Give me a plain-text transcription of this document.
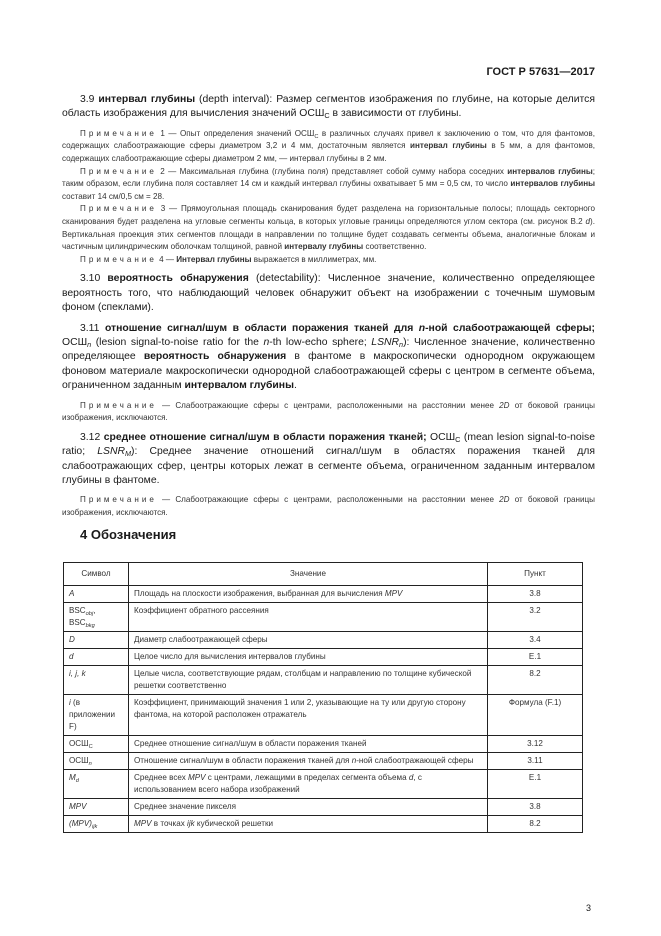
ГОСТ Р 57631—2017

3.9 интервал глубины (depth interval): Размер сегментов изображения по глубине, на которые делится область изображения для вычисления значений $ОСШ_C$ в зависимости от глубины.

Примечание 1 — Опыт определения значений $ОСШ_C$ в различных случаях привел к заключению о том, что для фантомов, содержащих слабоотражающие сферы диаметром 3,2 и 4 мм, достаточным является интервал глубины в 5 мм, а для фантомов, содержащих слабоотражающие сферы диаметром 2 мм, — интервал глубины в 2 мм.

Примечание 2 — Максимальная глубина (глубина поля) представляет собой сумму набора соседних интервалов глубины; таким образом, если глубина поля составляет 14 см и каждый интервал глубины охватывает 5 мм = 0,5 см, то число интервалов глубины составит 14 см/0,5 см = 28.

Примечание 3 — Прямоугольная площадь сканирования будет разделена на горизонтальные полосы; площадь секторного сканирования будет разделена на угловые сегменты кольца, в которых угловые границы определяются углом сектора (см. рисунок В.2 d). Вертикальная проекция этих сегментов площади в направлении по толщине будет создавать сегменты объема, аналогичные блокам и частичным цилиндрическим оболочкам толщиной, равной интервалу глубины соответственно.

Примечание 4 — Интервал глубины выражается в миллиметрах, мм.

3.10 вероятность обнаружения (detectability): Численное значение, количественно определяющее вероятность того, что наблюдающий человек обнаружит объект на изображении с точечным шумовым фоном (спеклами).

3.11 отношение сигнал/шум в области поражения тканей для n-ной слабоотражающей сферы; $ОСШ_n$ (lesion signal-to-noise ratio for the n-th low-echo sphere; $LSNR_n$): Численное значение, количественно определяющее вероятность обнаружения в фантоме в макроскопически однородном окружающем фоновом материале макроскопически однородной слабоотражающей сферы с центром в сегменте объема, ограниченном заданным интервалом глубины.

Примечание — Слабоотражающие сферы с центрами, расположенными на расстоянии менее 2D от боковой границы изображения, исключаются.

3.12 среднее отношение сигнал/шум в области поражения тканей; $ОСШ_C$ (mean lesion signal-to-noise ratio; $LSNR_M$): Среднее значение отношений сигнал/шум в областях поражения тканей для слабоотражающих сфер, центры которых лежат в сегменте объема, ограниченном заданным интервалом глубины в фантоме.

Примечание — Слабоотражающие сферы с центрами, расположенными на расстоянии менее 2D от боковой границы изображения, исключаются.

4 Обозначения
Символ	Значение	Пункт
A	Площадь на плоскости изображения, выбранная для вычисления MPV	3.8
$BSC_{obj}$,
$BSC_{bkg}$	Коэффициент обратного рассеяния	3.2
D	Диаметр слабоотражающей сферы	3.4
d	Целое число для вычисления интервалов глубины	E.1
i, j, k	Целые числа, соответствующие рядам, столбцам и направлению по толщине кубической решетки соответственно	8.2
i (в приложении F)	Коэффициент, принимающий значения 1 или 2, указывающие на ту или другую сторону фантома, на которой расположен отражатель	Формула (F.1)
$ОСШ_C$	Среднее отношение сигнал/шум в области поражения тканей	3.12
$ОСШ_n$	Отношение сигнал/шум в области поражения тканей для n-ной слабоотражающей сферы	3.11
$M_d$	Среднее всех MPV с центрами, лежащими в пределах сегмента объема d, с использованием всего набора изображений	E.1
MPV	Среднее значение пикселя	3.8
$(MPV)_{ijk}$	MPV в точках ijk кубической решетки	8.2
3
